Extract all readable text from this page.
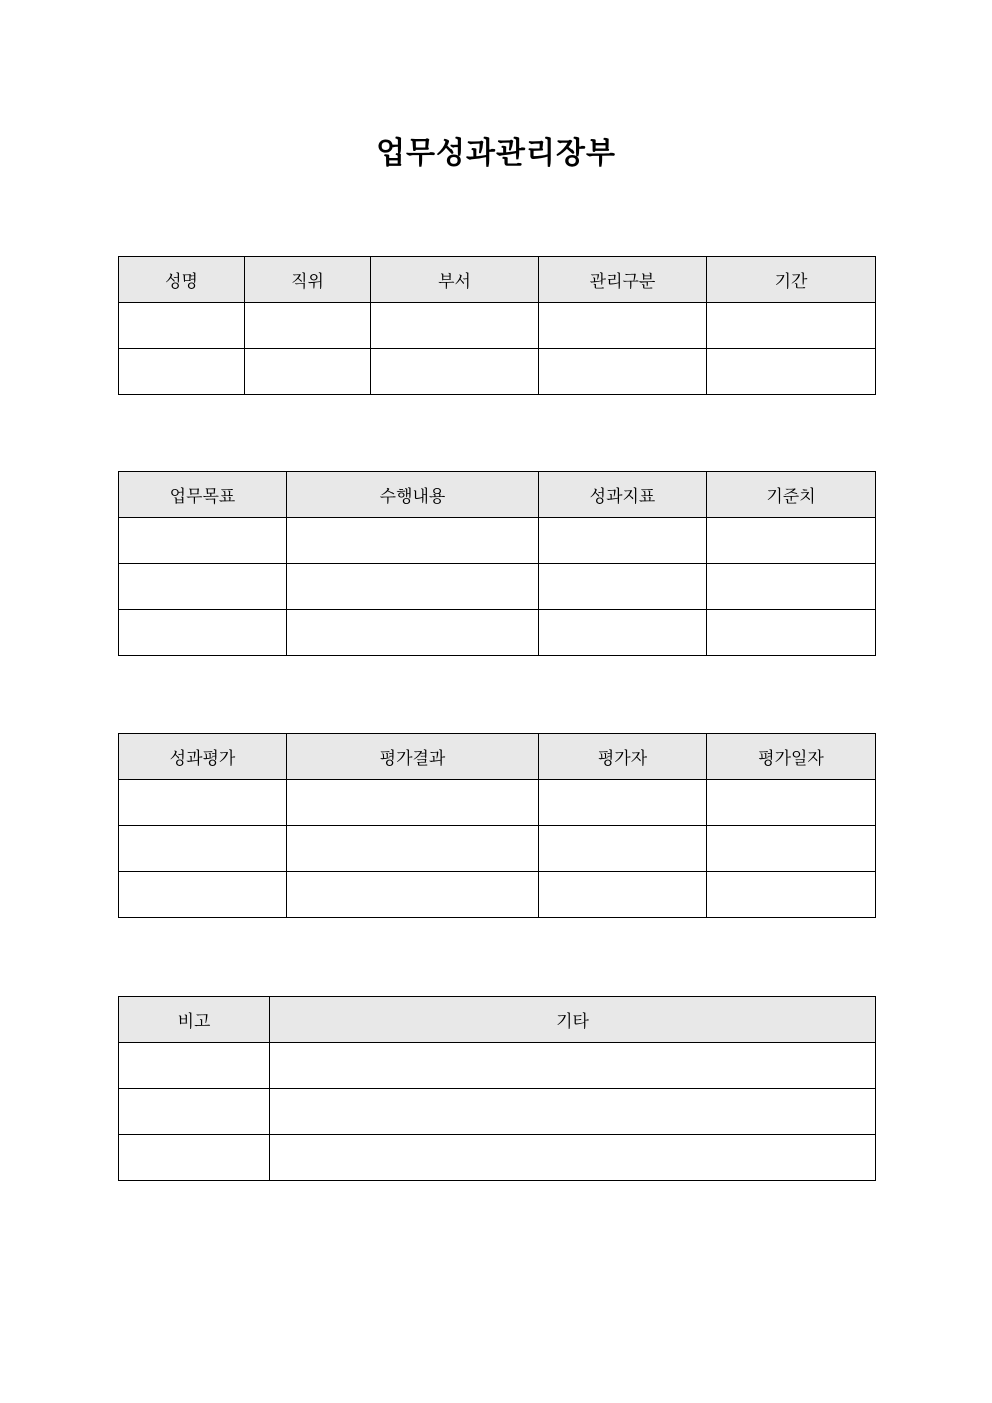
업무성과관리장부
성명	직위	부서	관리구분	기간

업무목표	수행내용	성과지표	기준치

성과평가	평가결과	평가자	평가일자

비고	기타
